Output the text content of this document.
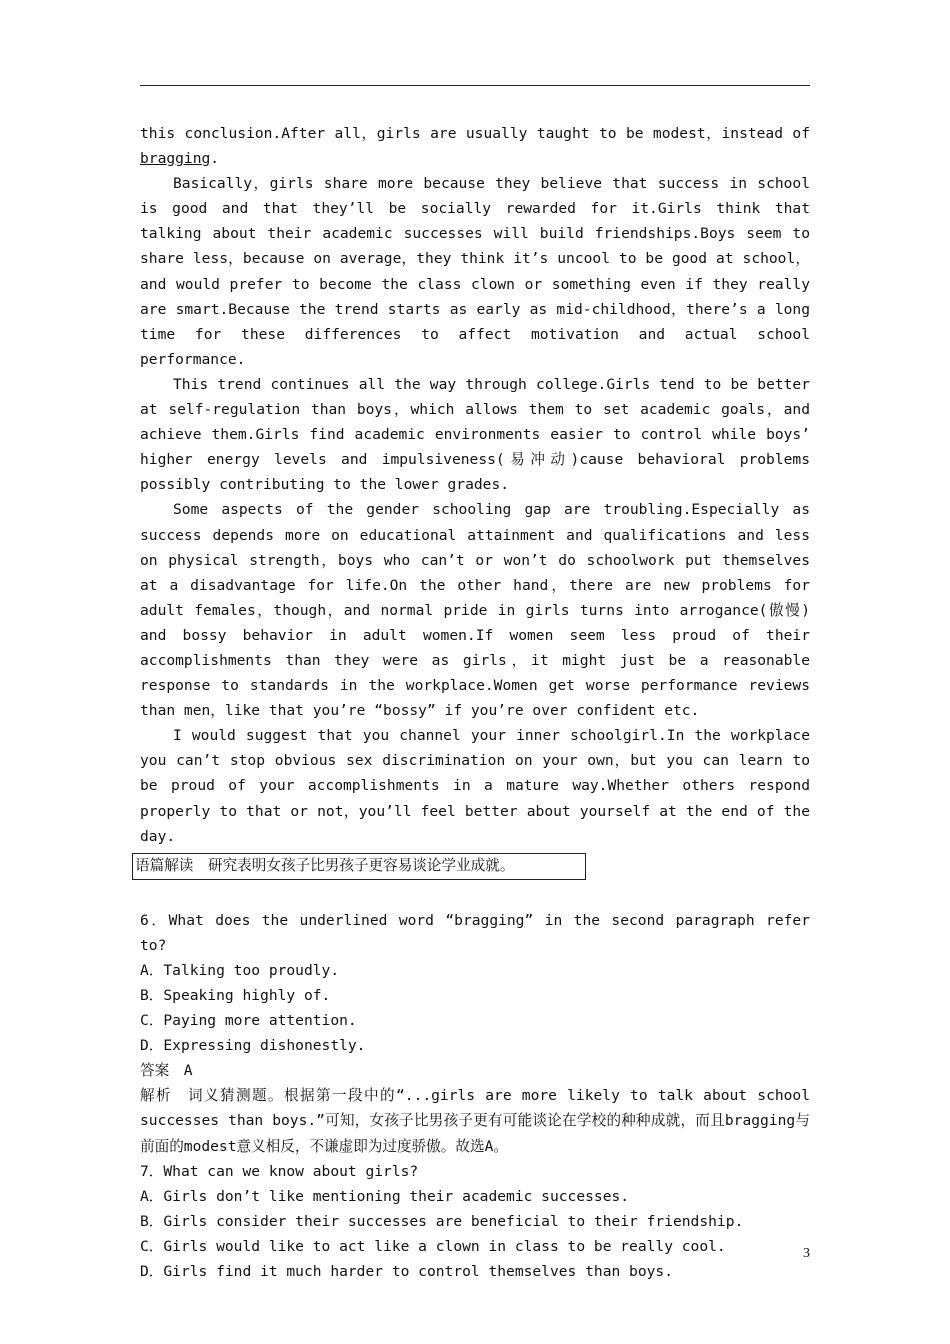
this conclusion.After all，girls are usually taught to be modest，instead of bragging.

Basically，girls share more because they believe that success in school is good and that they’ll be socially rewarded for it.Girls think that talking about their academic successes will build friendships.Boys seem to share less，because on average，they think it’s uncool to be good at school，and would prefer to become the class clown or something even if they really are smart.Because the trend starts as early as mid-childhood，there’s a long time for these differences to affect motivation and actual school performance.

This trend continues all the way through college.Girls tend to be better at self-regulation than boys，which allows them to set academic goals，and achieve them.Girls find academic environments easier to control while boys’ higher energy levels and impulsiveness(易冲动)cause behavioral problems possibly contributing to the lower grades.

Some aspects of the gender schooling gap are troubling.Especially as success depends more on educational attainment and qualifications and less on physical strength，boys who can’t or won’t do schoolwork put themselves at a disadvantage for life.On the other hand，there are new problems for adult females，though，and normal pride in girls turns into arrogance(傲慢) and bossy behavior in adult women.If women seem less proud of their accomplishments than they were as girls，it might just be a reasonable response to standards in the workplace.Women get worse performance reviews than men，like that you’re “bossy” if you’re over confident etc.

I would suggest that you channel your inner schoolgirl.In the workplace you can’t stop obvious sex discrimination on your own，but you can learn to be proud of your accomplishments in a mature way.Whether others respond properly to that or not，you’ll feel better about yourself at the end of the day.

语篇解读　研究表明女孩子比男孩子更容易谈论学业成就。

6．What does the underlined word “bragging” in the second paragraph refer to?

A．Talking too proudly.

B．Speaking highly of.

C．Paying more attention.

D．Expressing dishonestly.

答案　A

解析　词义猜测题。根据第一段中的“...girls are more likely to talk about school successes than boys.”可知，女孩子比男孩子更有可能谈论在学校的种种成就，而且bragging与前面的modest意义相反，不谦虚即为过度骄傲。故选A。

7．What can we know about girls?

A．Girls don’t like mentioning their academic successes.

B．Girls consider their successes are beneficial to their friendship.

C．Girls would like to act like a clown in class to be really cool.

D．Girls find it much harder to control themselves than boys.

3
